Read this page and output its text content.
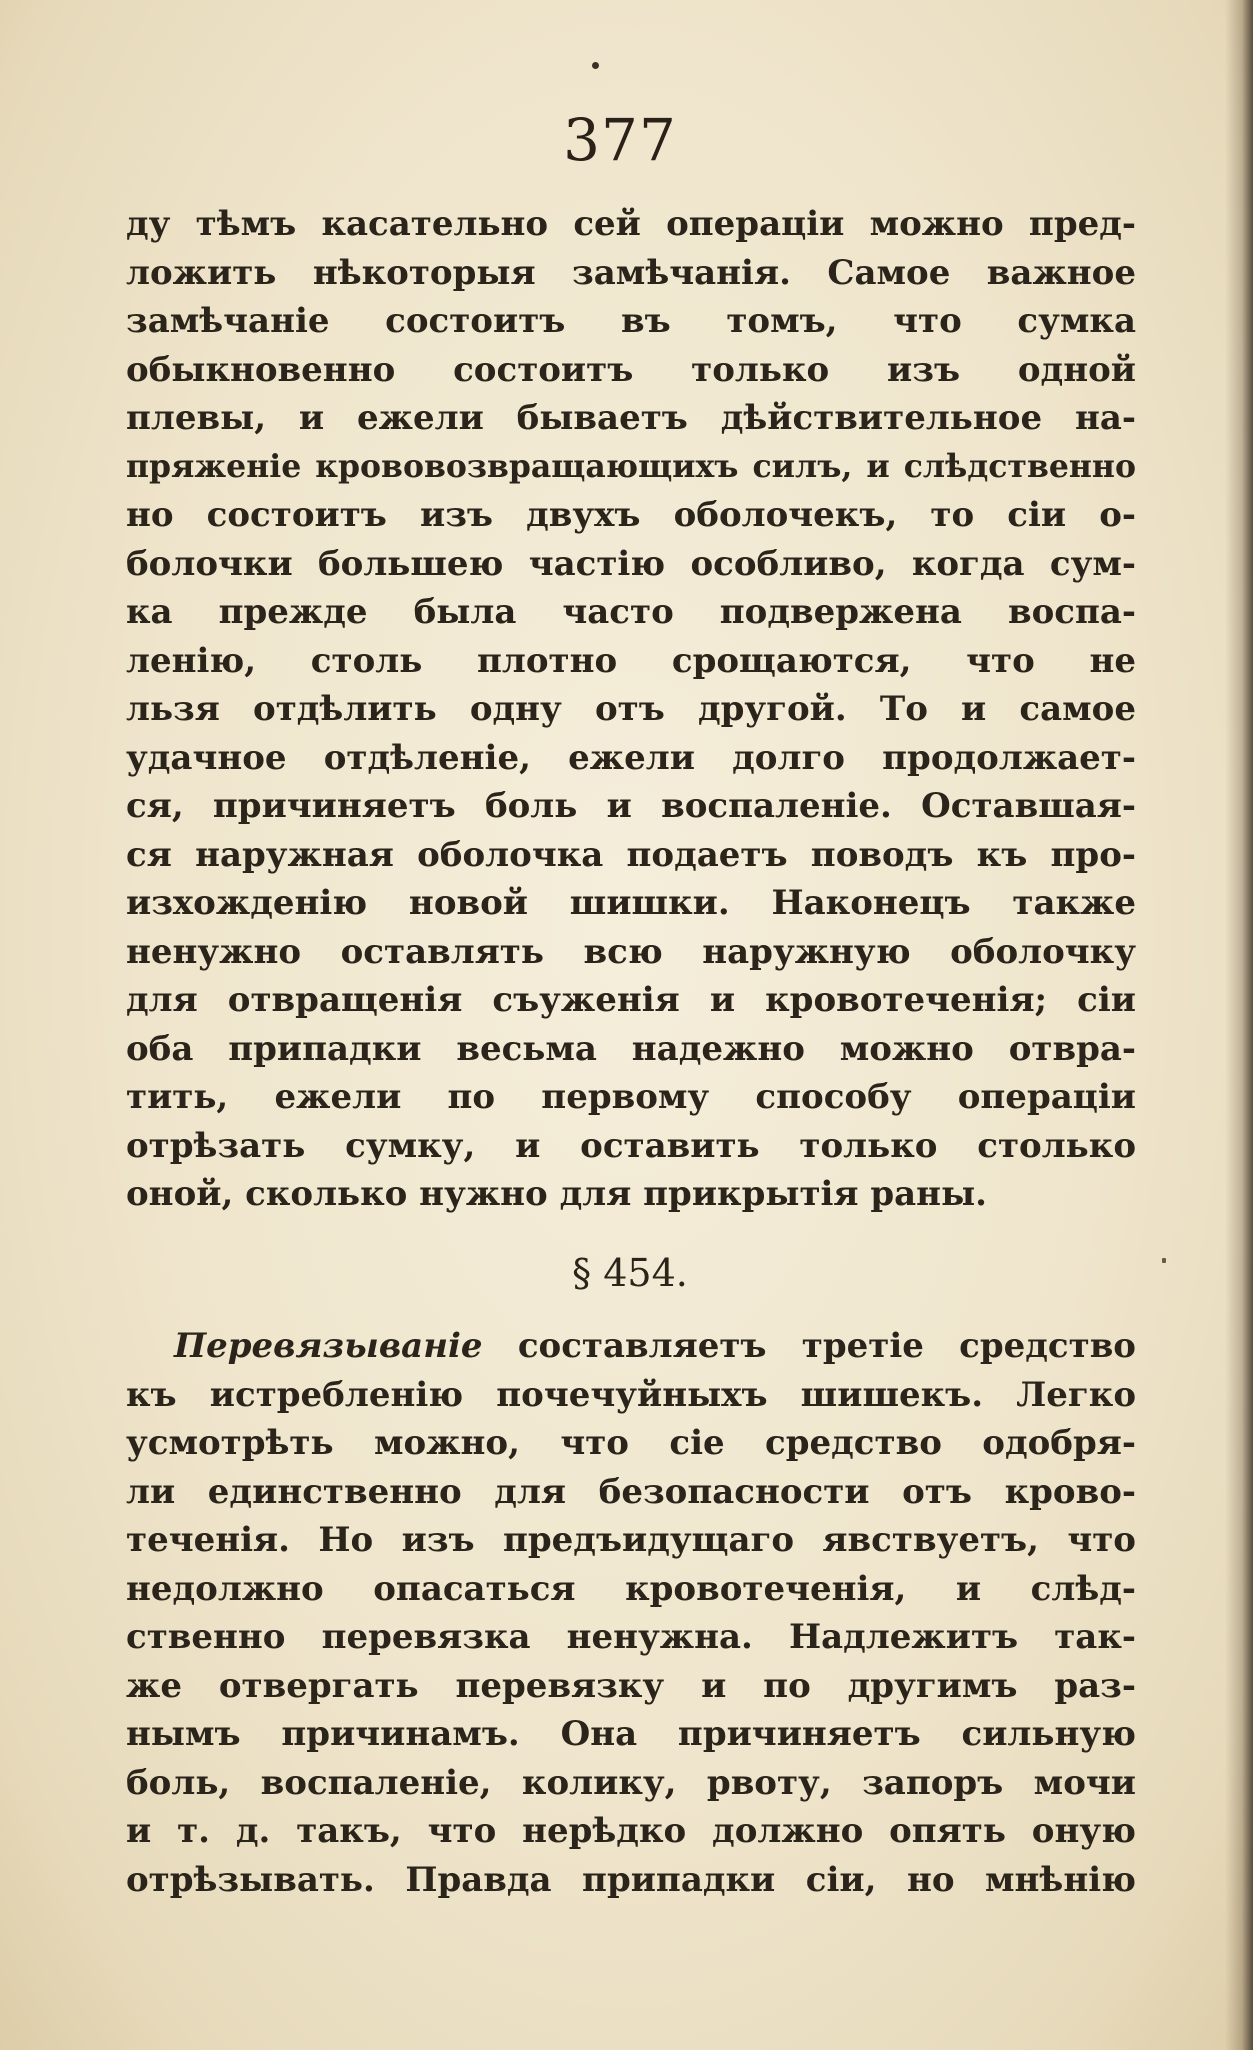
377
ду тѣмъ касательно сей операціи можно пред-
ложить нѣкоторыя замѣчанія. Самое важное
замѣчаніе состоитъ въ томъ, что сумка
обыкновенно состоитъ только изъ одной
плевы, и ежели бываетъ дѣйствительное на-
пряженіе крововозвращающихъ силъ, и слѣдственно
но состоитъ изъ двухъ оболочекъ, то сіи о-
болочки большею частію особливо, когда сум-
ка прежде была часто подвержена воспа-
ленію, столь плотно срощаются, что не
льзя отдѣлить одну отъ другой. То и самое
удачное отдѣленіе, ежели долго продолжает-
ся, причиняетъ боль и воспаленіе. Оставшая-
ся наружная оболочка подаетъ поводъ къ про-
изхожденію новой шишки. Наконецъ также
ненужно оставлять всю наружную оболочку
для отвращенія съуженія и кровотеченія; сіи
оба припадки весьма надежно можно отвра-
тить, ежели по первому способу операціи
отрѣзать сумку, и оставить только столько
оной, сколько нужно для прикрытія раны.
§ 454.
Перевязываніе составляетъ третіе средство
къ истребленію почечуйныхъ шишекъ. Легко
усмотрѣть можно, что сіе средство одобря-
ли единственно для безопасности отъ крово-
теченія. Но изъ предъидущаго явствуетъ, что
недолжно опасаться кровотеченія, и слѣд-
ственно перевязка ненужна. Надлежитъ так-
же отвергать перевязку и по другимъ раз-
нымъ причинамъ. Она причиняетъ сильную
боль, воспаленіе, колику, рвоту, запоръ мочи
и т. д. такъ, что нерѣдко должно опять оную
отрѣзывать. Правда припадки сіи, но мнѣнію
